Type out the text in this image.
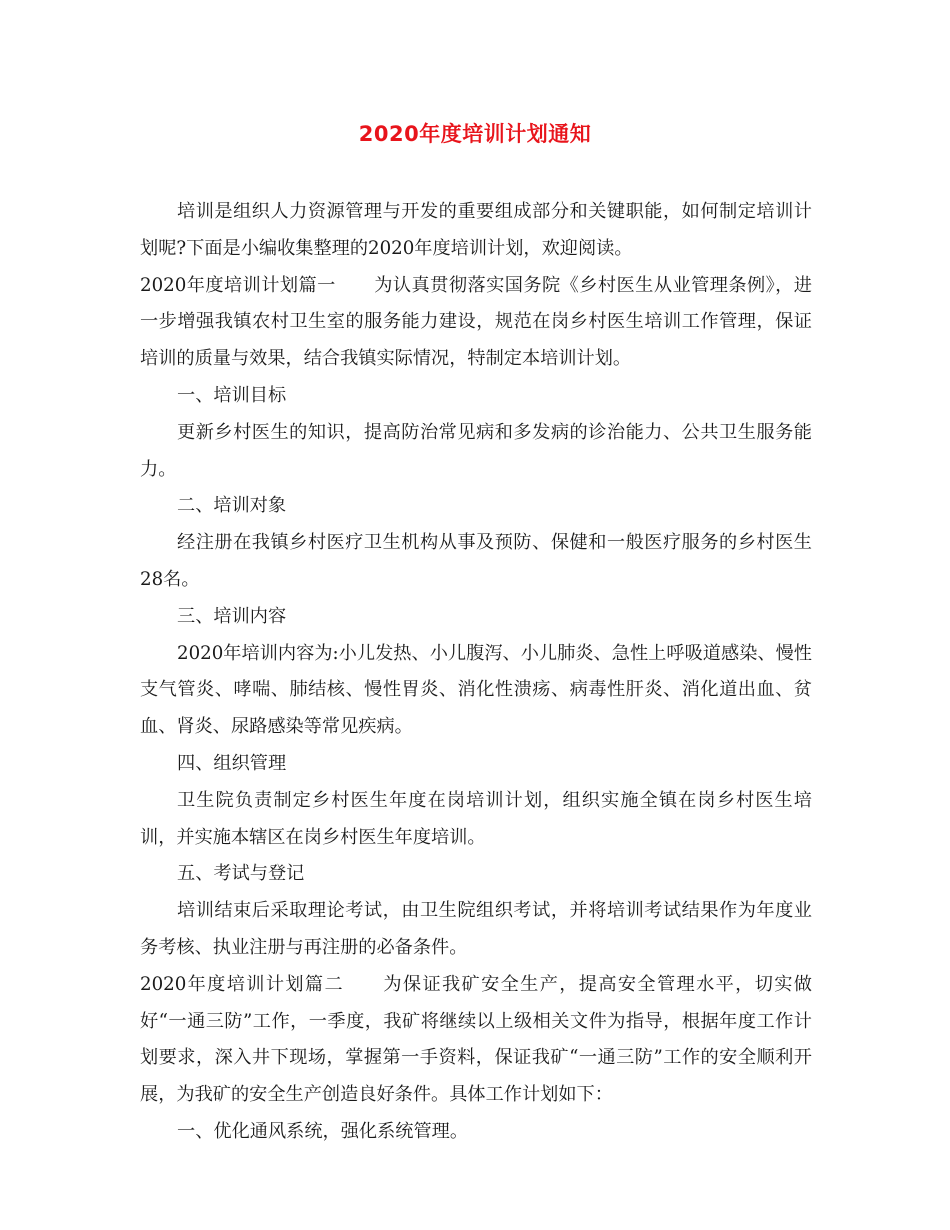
2020年度培训计划通知

培训是组织人力资源管理与开发的重要组成部分和关键职能，如何制定培训计划呢?下面是小编收集整理的2020年度培训计划，欢迎阅读。

2020年度培训计划篇一 为认真贯彻落实国务院《乡村医生从业管理条例》，进一步增强我镇农村卫生室的服务能力建设，规范在岗乡村医生培训工作管理，保证培训的质量与效果，结合我镇实际情况，特制定本培训计划。

一、培训目标

更新乡村医生的知识，提高防治常见病和多发病的诊治能力、公共卫生服务能力。

二、培训对象

经注册在我镇乡村医疗卫生机构从事及预防、保健和一般医疗服务的乡村医生28名。

三、培训内容

2020年培训内容为:小儿发热、小儿腹泻、小儿肺炎、急性上呼吸道感染、慢性支气管炎、哮喘、肺结核、慢性胃炎、消化性溃疡、病毒性肝炎、消化道出血、贫血、肾炎、尿路感染等常见疾病。

四、组织管理

卫生院负责制定乡村医生年度在岗培训计划，组织实施全镇在岗乡村医生培训，并实施本辖区在岗乡村医生年度培训。

五、考试与登记

培训结束后采取理论考试，由卫生院组织考试，并将培训考试结果作为年度业务考核、执业注册与再注册的必备条件。

2020年度培训计划篇二 为保证我矿安全生产，提高安全管理水平，切实做好“一通三防”工作，一季度，我矿将继续以上级相关文件为指导，根据年度工作计划要求，深入井下现场，掌握第一手资料，保证我矿“一通三防”工作的安全顺利开展，为我矿的安全生产创造良好条件。具体工作计划如下：

一、优化通风系统，强化系统管理。
